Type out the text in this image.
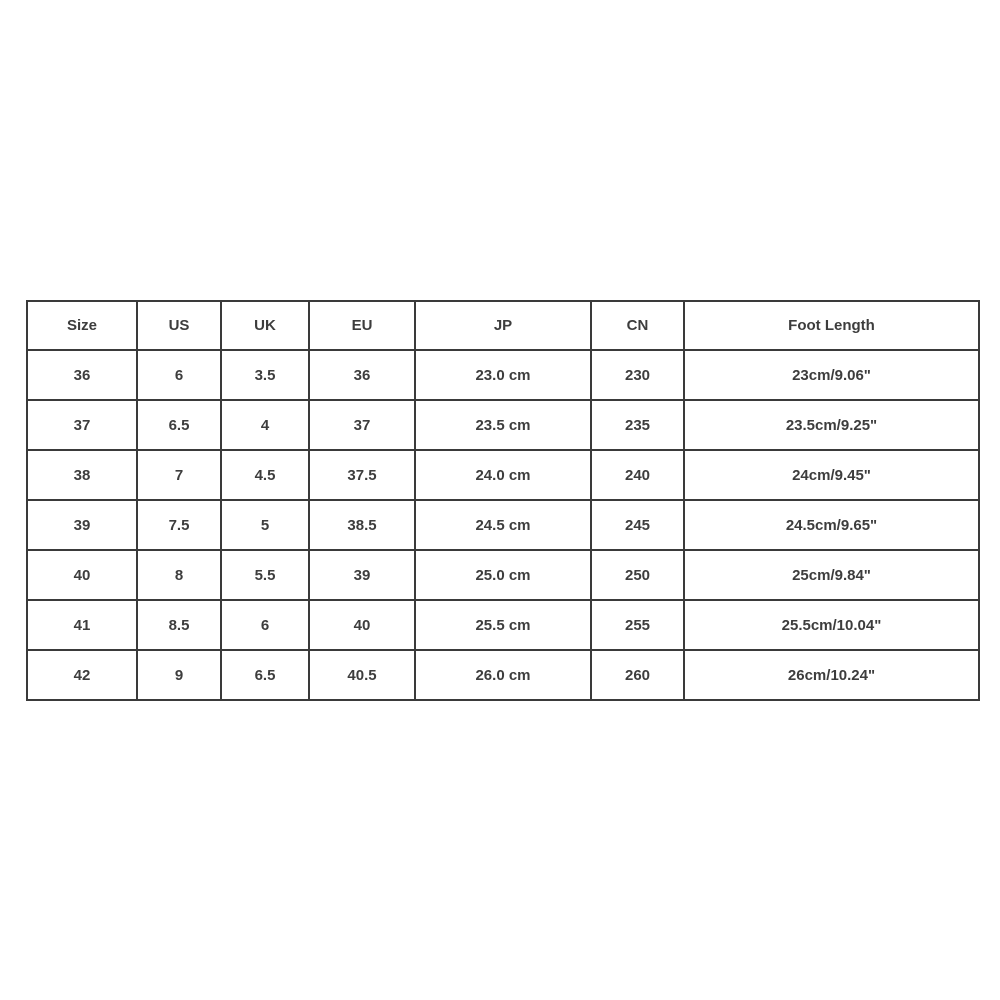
Size	US	UK	EU	JP	CN	Foot Length
36	6	3.5	36	23.0 cm	230	23cm/9.06"
37	6.5	4	37	23.5 cm	235	23.5cm/9.25"
38	7	4.5	37.5	24.0 cm	240	24cm/9.45"
39	7.5	5	38.5	24.5 cm	245	24.5cm/9.65"
40	8	5.5	39	25.0 cm	250	25cm/9.84"
41	8.5	6	40	25.5 cm	255	25.5cm/10.04"
42	9	6.5	40.5	26.0 cm	260	26cm/10.24"
